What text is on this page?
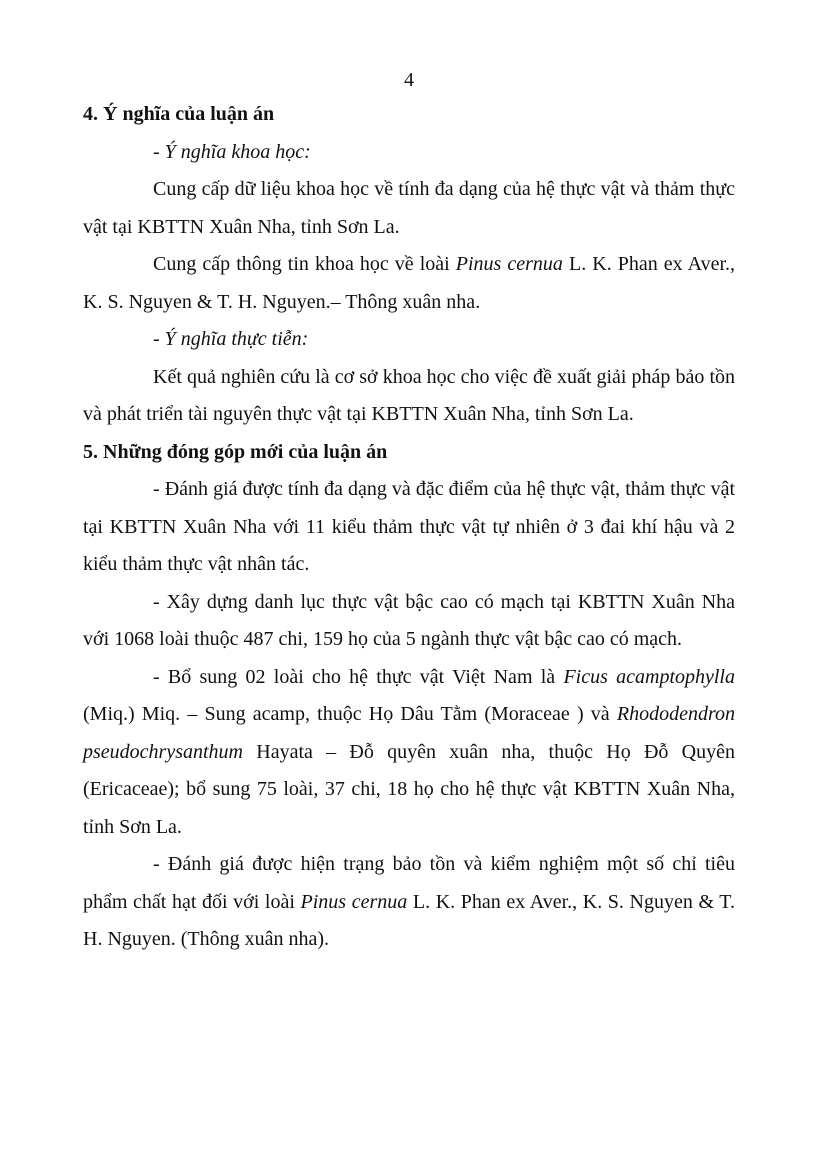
4
4. Ý nghĩa của luận án

- Ý nghĩa khoa học:

Cung cấp dữ liệu khoa học về tính đa dạng của hệ thực vật và thảm thực vật tại KBTTN Xuân Nha, tỉnh Sơn La.

Cung cấp thông tin khoa học về loài Pinus cernua L. K. Phan ex Aver., K. S. Nguyen & T. H. Nguyen.– Thông xuân nha.

- Ý nghĩa thực tiễn:

Kết quả nghiên cứu là cơ sở khoa học cho việc đề xuất giải pháp bảo tồn và phát triển tài nguyên thực vật tại KBTTN Xuân Nha, tỉnh Sơn La.

5. Những đóng góp mới của luận án

- Đánh giá được tính đa dạng và đặc điểm của hệ thực vật, thảm thực vật tại KBTTN Xuân Nha với 11 kiểu thảm thực vật tự nhiên ở 3 đai khí hậu và 2 kiểu thảm thực vật nhân tác.

- Xây dựng danh lục thực vật bậc cao có mạch tại KBTTN Xuân Nha với 1068 loài thuộc 487 chi, 159 họ của 5 ngành thực vật bậc cao có mạch.

- Bổ sung 02 loài cho hệ thực vật Việt Nam là Ficus acamptophylla (Miq.) Miq. – Sung acamp, thuộc Họ Dâu Tằm (Moraceae ) và Rhododendron pseudochrysanthum Hayata – Đỗ quyên xuân nha, thuộc Họ Đỗ Quyên (Ericaceae); bổ sung 75 loài, 37 chi, 18 họ cho hệ thực vật KBTTN Xuân Nha, tỉnh Sơn La.

- Đánh giá được hiện trạng bảo tồn và kiểm nghiệm một số chỉ tiêu phẩm chất hạt đối với loài Pinus cernua L. K. Phan ex Aver., K. S. Nguyen & T. H. Nguyen. (Thông xuân nha).
